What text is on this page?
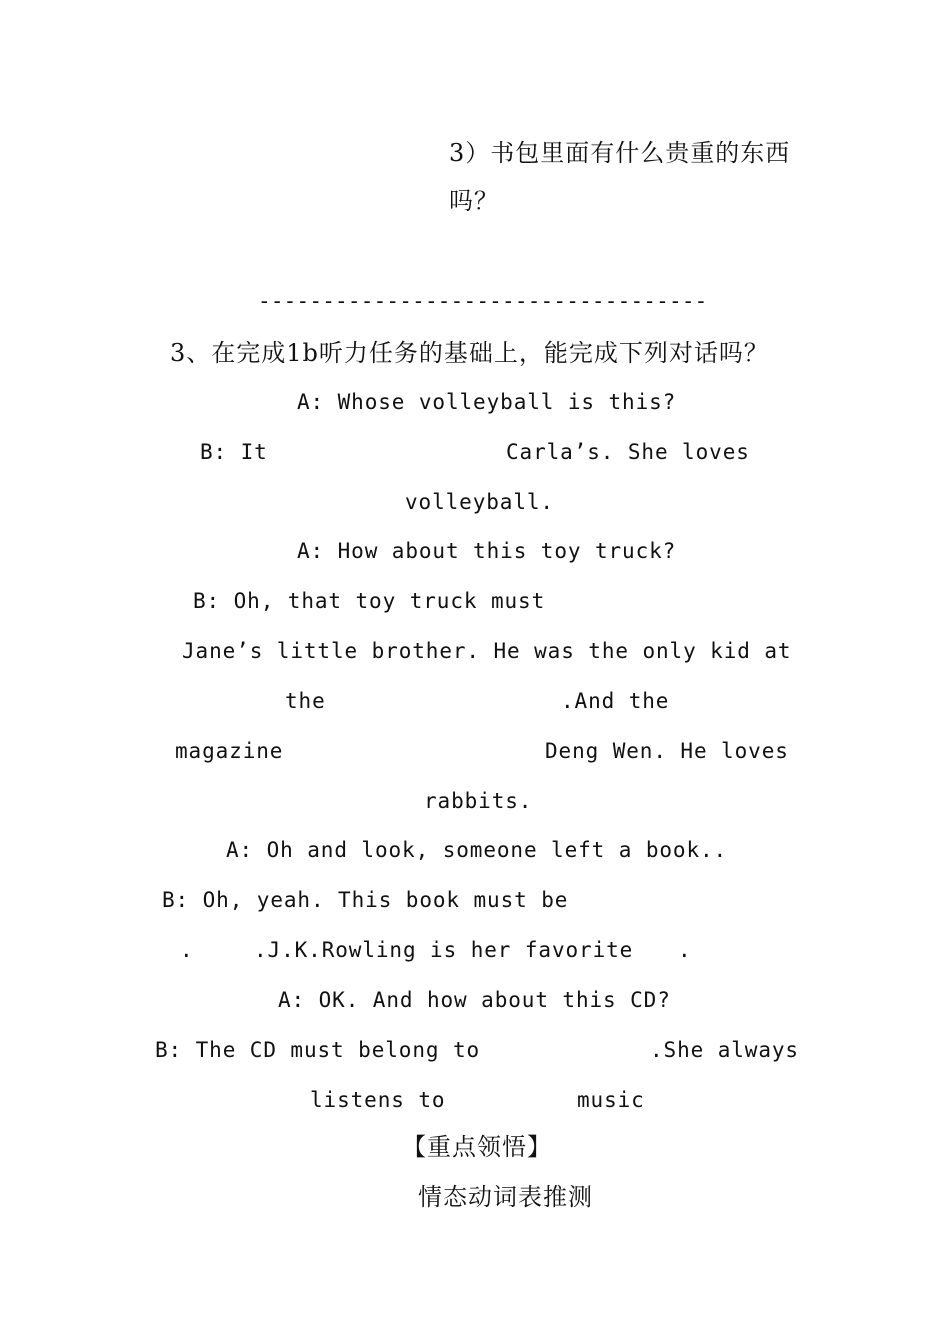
3）书包里面有什么贵重的东西
吗？
-----------------------------------
3、在完成1b听力任务的基础上，能完成下列对话吗？
A: Whose volleyball is this?
B: It	Carla’s. She loves
volleyball.
A: How about this toy truck?
B: Oh, that toy truck must
Jane’s little brother. He was the only kid at
the	.And the
magazine	Deng Wen. He loves
rabbits.
A: Oh and look, someone left a book..
B: Oh, yeah. This book must be
.	.J.K.Rowling is her favorite .
A: OK. And how about this CD?
B: The CD must belong to	.She always
listens to	music
【重点领悟】
情态动词表推测
